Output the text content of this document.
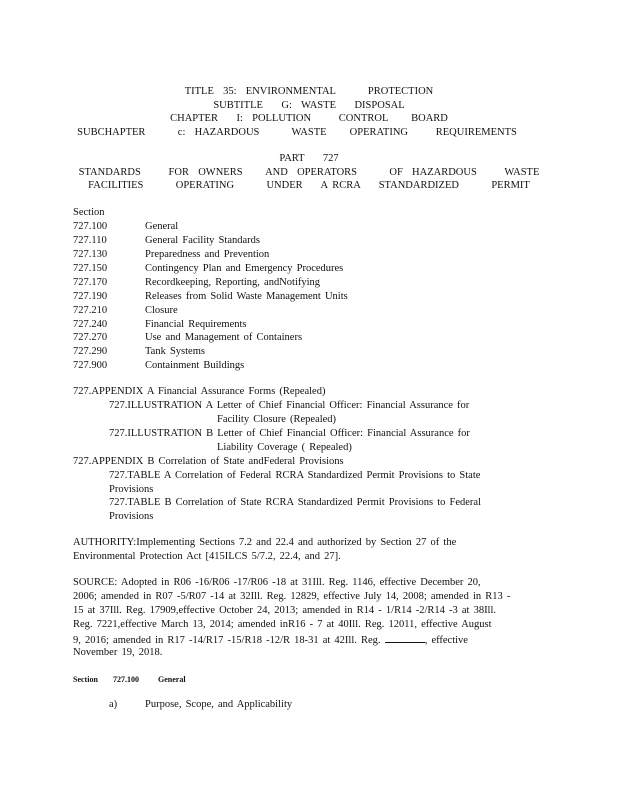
TITLE  35:  ENVIRONMENTAL       PROTECTION
SUBTITLE    G:  WASTE    DISPOSAL
CHAPTER    I:  POLLUTION      CONTROL     BOARD
SUBCHAPTER       c:  HAZARDOUS       WASTE     OPERATING      REQUIREMENTS
PART    727
STANDARDS      FOR  OWNERS     AND  OPERATORS       OF  HAZARDOUS      WASTE
FACILITIES       OPERATING       UNDER    A RCRA    STANDARDIZED       PERMIT
Section
727.100	General
727.110	General Facility Standards
727.130	Preparedness and Prevention
727.150	Contingency Plan and Emergency Procedures
727.170	Recordkeeping, Reporting, andNotifying
727.190	Releases from Solid Waste Management Units
727.210	Closure
727.240	Financial Requirements
727.270	Use and Management of Containers
727.290	Tank Systems
727.900	Containment Buildings
727.APPENDIX A Financial Assurance Forms (Repealed)
727.ILLUSTRATION A Letter of Chief Financial Officer: Financial Assurance for
Facility Closure (Repealed)
727.ILLUSTRATION B Letter of Chief Financial Officer: Financial Assurance for
Liability Coverage ( Repealed)
727.APPENDIX B Correlation of State andFederal Provisions
727.TABLE A Correlation of Federal RCRA Standardized Permit Provisions to State
Provisions
727.TABLE B Correlation of State RCRA Standardized Permit Provisions to Federal
Provisions
AUTHORITY:Implementing Sections 7.2 and 22.4 and authorized by Section 27 of the
Environmental Protection Act [415ILCS 5/7.2, 22.4, and 27].
SOURCE: Adopted in R06 -16/R06 -17/R06 -18 at 31Ill. Reg. 1146, effective December 20,
2006; amended in R07 -5/R07 -14 at 32Ill. Reg. 12829, effective July 14, 2008; amended in R13 -
15 at 37Ill. Reg. 17909,effective October 24, 2013; amended in R14 - 1/R14 -2/R14 -3 at 38Ill.
Reg. 7221,effective March 13, 2014; amended inR16 - 7 at 40Ill. Reg. 12011, effective August
9, 2016; amended in R17 -14/R17 -15/R18 -12/R 18-31 at 42Ill. Reg.	, effective
November 19, 2018.
Section 727.100 General
a)	Purpose, Scope, and Applicability
